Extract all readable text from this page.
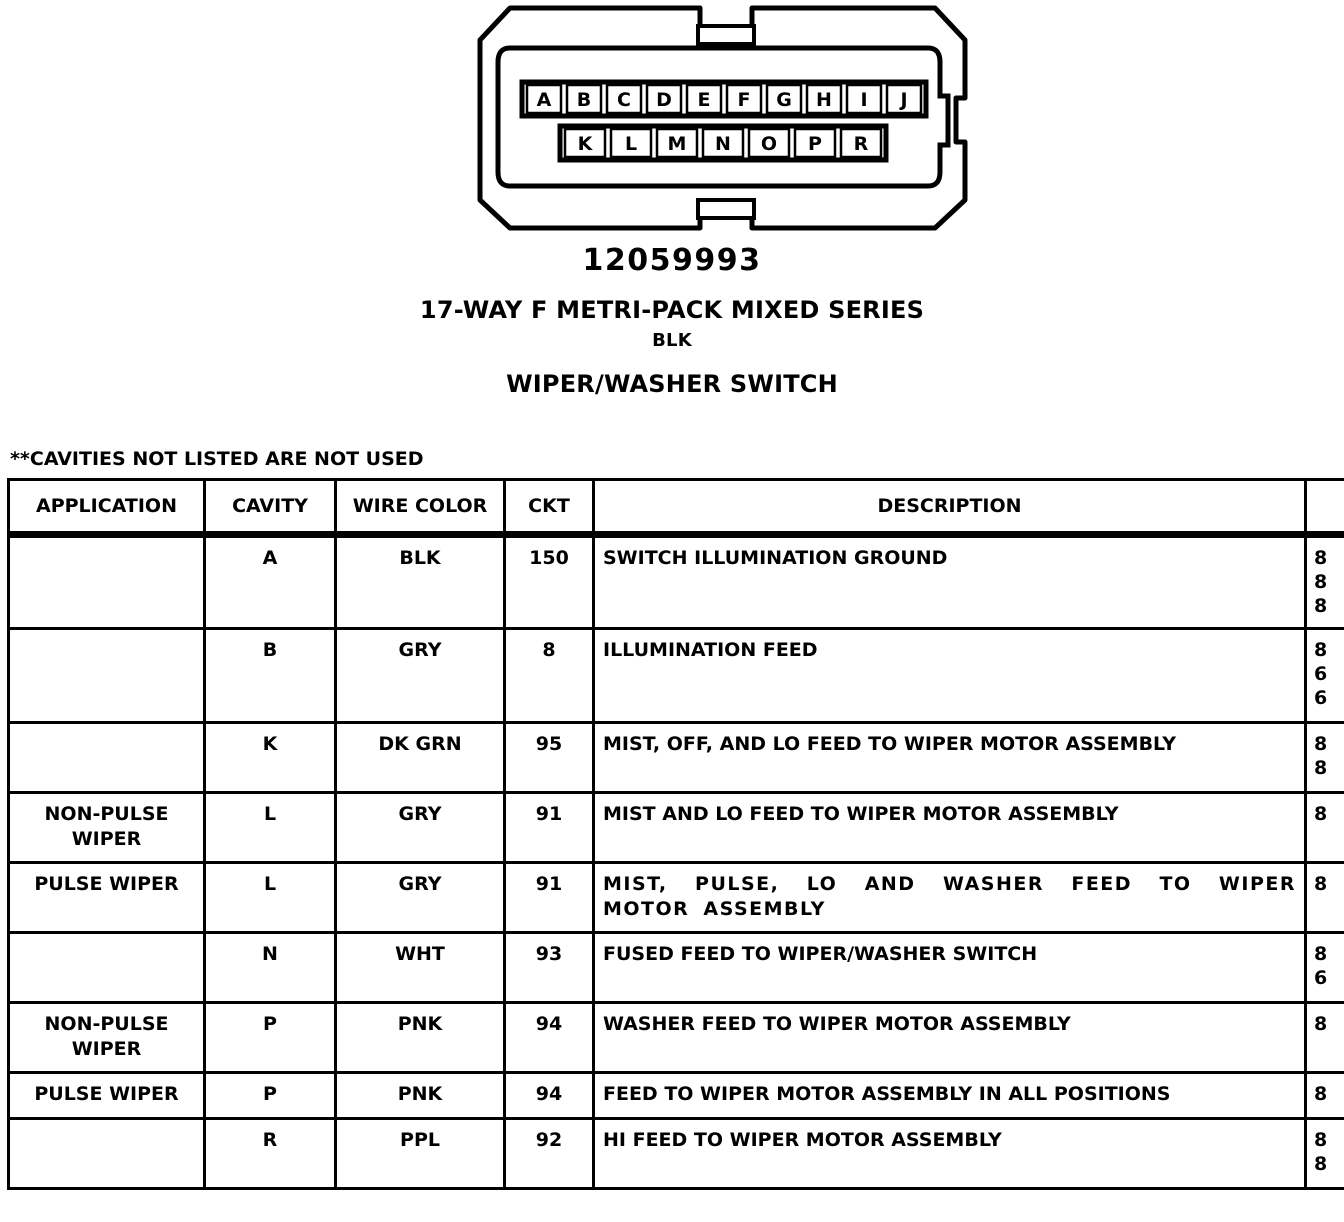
A B C D E F G H I J
K L M N O P R
12059993
17-WAY F METRI-PACK MIXED SERIES
BLK
WIPER/WASHER SWITCH
**CAVITIES NOT LISTED ARE NOT USED
APPLICATION	CAVITY	WIRE COLOR	CKT	DESCRIPTION	
	A	BLK	150	SWITCH ILLUMINATION GROUND	8
8
8

	B	GRY	8	ILLUMINATION FEED	8
6
6

	K	DK GRN	95	MIST, OFF, AND LO FEED TO WIPER MOTOR ASSEMBLY	8
8

NON-PULSE WIPER	L	GRY	91	MIST AND LO FEED TO WIPER MOTOR ASSEMBLY	8

PULSE WIPER	L	GRY	91	MIST, PULSE, LO AND WASHER FEED TO WIPER MOTOR ASSEMBLY	8

	N	WHT	93	FUSED FEED TO WIPER/WASHER SWITCH	8
6

NON-PULSE WIPER	P	PNK	94	WASHER FEED TO WIPER MOTOR ASSEMBLY	8

PULSE WIPER	P	PNK	94	FEED TO WIPER MOTOR ASSEMBLY IN ALL POSITIONS	8

	R	PPL	92	HI FEED TO WIPER MOTOR ASSEMBLY	8
8
